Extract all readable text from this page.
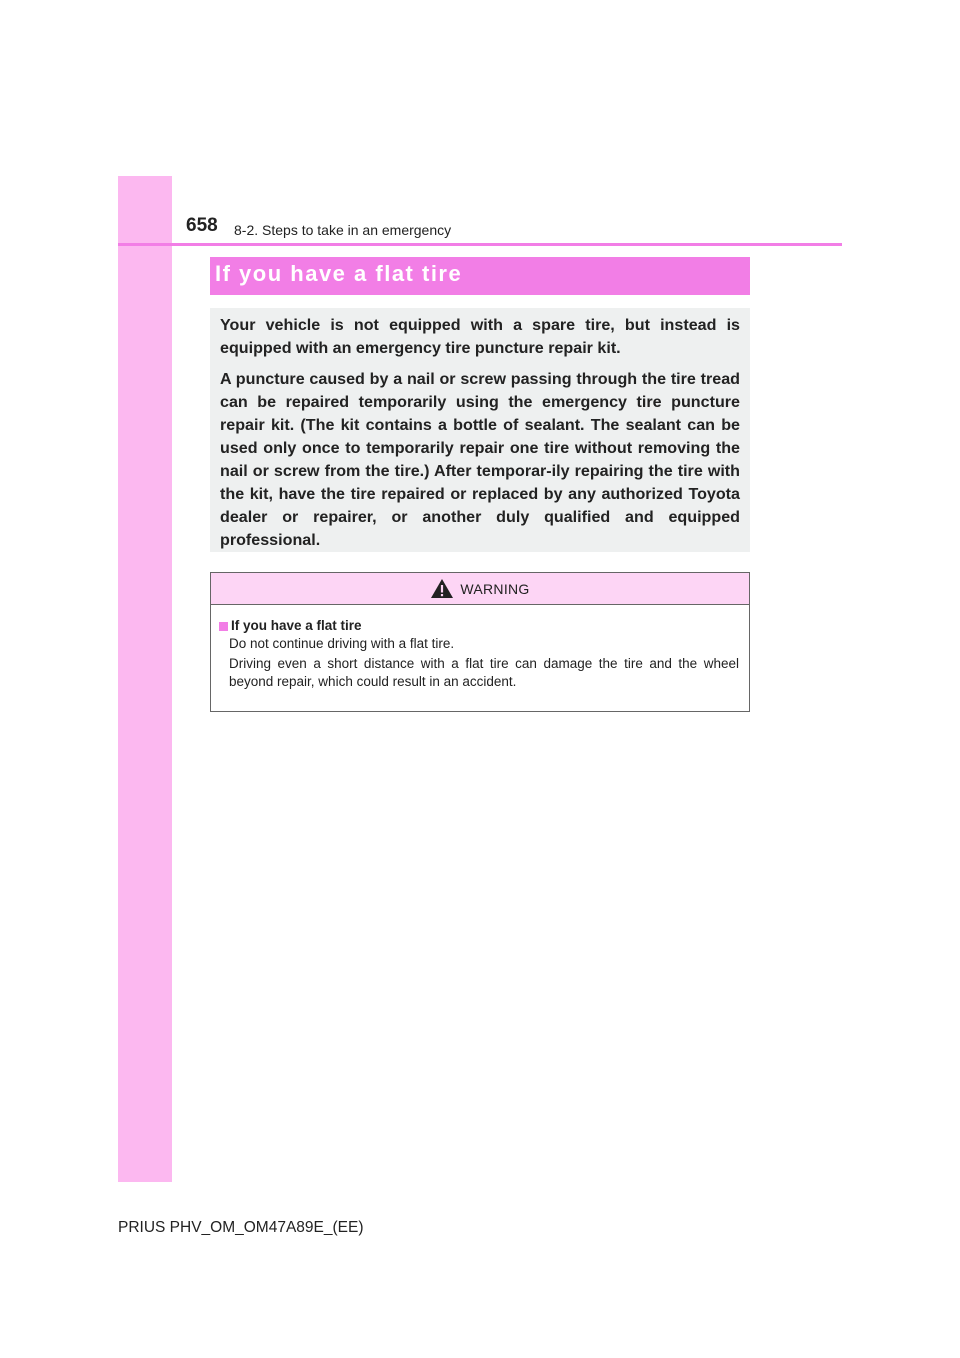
658 8-2. Steps to take in an emergency
If you have a flat tire

Your vehicle is not equipped with a spare tire, but instead is equipped with an emergency tire puncture repair kit.

A puncture caused by a nail or screw passing through the tire tread can be repaired temporarily using the emergency tire puncture repair kit. (The kit contains a bottle of sealant. The sealant can be used only once to temporarily repair one tire without removing the nail or screw from the tire.) After temporar-ily repairing the tire with the kit, have the tire repaired or replaced by any authorized Toyota dealer or repairer, or another duly qualified and equipped professional.

WARNING
If you have a flat tire

Do not continue driving with a flat tire.

Driving even a short distance with a flat tire can damage the tire and the wheel beyond repair, which could result in an accident.

PRIUS PHV_OM_OM47A89E_(EE)
